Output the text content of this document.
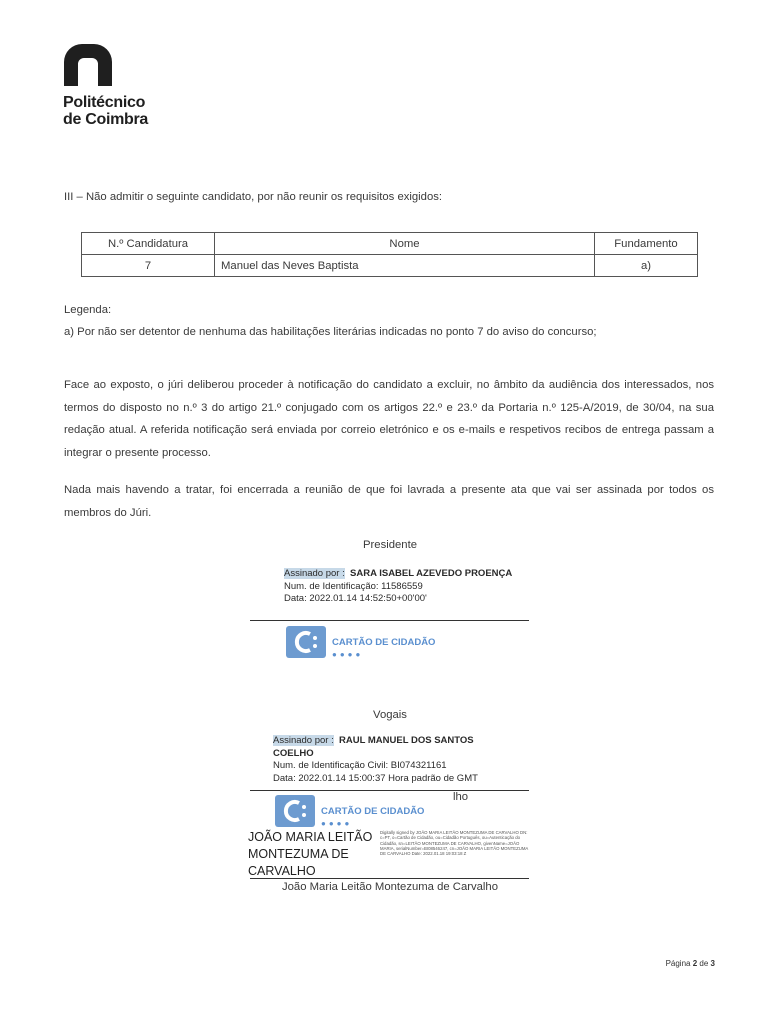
Politécnico
de Coimbra
III – Não admitir o seguinte candidato, por não reunir os requisitos exigidos:
N.º Candidatura	Nome	Fundamento
7	Manuel das Neves Baptista	a)
Legenda:
a) Por não ser detentor de nenhuma das habilitações literárias indicadas no ponto 7 do aviso do concurso;
Face ao exposto, o júri deliberou proceder à notificação do candidato a excluir, no âmbito da audiência dos interessados, nos termos do disposto no n.º 3 do artigo 21.º conjugado com os artigos 22.º e 23.º da Portaria n.º 125-A/2019, de 30/04, na sua redação atual. A referida notificação será enviada por correio eletrónico e os e-mails e respetivos recibos de entrega passam a integrar o presente processo.
Nada mais havendo a tratar, foi encerrada a reunião de que foi lavrada a presente ata que vai ser assinada por todos os membros do Júri.
Presidente
Assinado por : SARA ISABEL AZEVEDO PROENÇA
Num. de Identificação: 11586559
Data: 2022.01.14 14:52:50+00'00'
CARTÃO DE CIDADÃO
●●●●
Vogais
Assinado por : RAUL MANUEL DOS SANTOS COELHO
Num. de Identificação Civil: BI074321161
Data: 2022.01.14 15:00:37 Hora padrão de GMT
lho
CARTÃO DE CIDADÃO
●●●●
JOÃO MARIA LEITÃO MONTEZUMA DE CARVALHO
Digitally signed by JOÃO MARIA LEITÃO MONTEZUMA DE CARVALHO DN: c=PT, o=Cartão de Cidadão, ou=Cidadão Português, ou=Autenticação do Cidadão, sn=LEITÃO MONTEZUMA DE CARVALHO, givenName=JOÃO MARIA, serialNumber=BI08546247, cn=JOÃO MARIA LEITÃO MONTEZUMA DE CARVALHO Date: 2022.01.18 19:03:18 Z
João Maria Leitão Montezuma de Carvalho
Página 2 de 3
